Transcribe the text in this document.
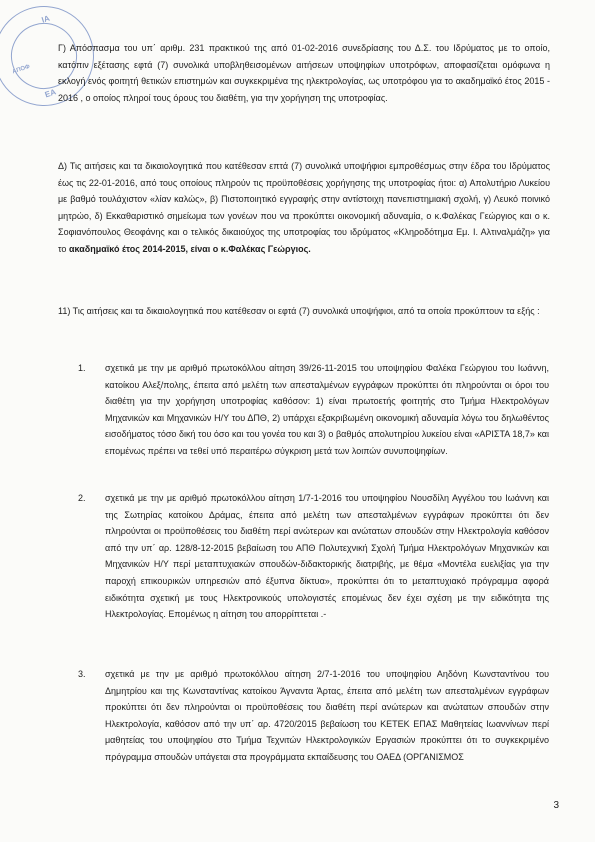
ΙΑ
ΑΠΟΦ
ΕΑ
Γ) Απόσπασμα του υπ΄ αριθμ. 231 πρακτικού της από 01-02-2016 συνεδρίασης του Δ.Σ. του Ιδρύματος με το οποίο, κατόπιν εξέτασης εφτά (7) συνολικά υποβληθεισομένων αιτήσεων υποψηφίων υποτρόφων, αποφασίζεται ομόφωνα η εκλογή ενός φοιτητή θετικών επιστημών και συγκεκριμένα της ηλεκτρολογίας, ως υποτρόφου για το ακαδημαϊκό έτος 2015 - 2016 , ο οποίος πληροί τους όρους του διαθέτη, για την χορήγηση της υποτροφίας.
Δ) Τις αιτήσεις και τα δικαιολογητικά που κατέθεσαν επτά (7) συνολικά υποψήφιοι εμπροθέσμως στην έδρα του Ιδρύματος έως τις 22-01-2016, από τους οποίους πληρούν τις προϋποθέσεις χορήγησης της υποτροφίας ήτοι: α) Απολυτήριο Λυκείου με βαθμό τουλάχιστον «λίαν καλώς», β) Πιστοποιητικό εγγραφής στην αντίστοιχη πανεπιστημιακή σχολή, γ) Λευκό ποινικό μητρώο, δ) Εκκαθαριστικό σημείωμα των γονέων που να προκύπτει οικονομική αδυναμία, ο κ.Φαλέκας Γεώργιος και ο κ. Σοφιανόπουλος Θεοφάνης και ο τελικός δικαιούχος της υποτροφίας του ιδρύματος «Κληροδότημα Εμ. Ι. Αλτιναλμάζη» για το ακαδημαϊκό έτος 2014-2015, είναι ο κ.Φαλέκας Γεώργιος.
11) Τις αιτήσεις και τα δικαιολογητικά που κατέθεσαν οι εφτά (7) συνολικά υποψήφιοι, από τα οποία προκύπτουν τα εξής :
1. σχετικά με την με αριθμό πρωτοκόλλου αίτηση 39/26-11-2015 του υποψηφίου Φαλέκα Γεώργιου του Ιωάννη, κατοίκου Αλεξ/πολης, έπειτα από μελέτη των απεσταλμένων εγγράφων προκύπτει ότι πληρούνται οι όροι του διαθέτη για την χορήγηση υποτροφίας καθόσον: 1) είναι πρωτοετής φοιτητής στο Τμήμα Ηλεκτρολόγων Μηχανικών και Μηχανικών Η/Υ του ΔΠΘ, 2) υπάρχει εξακριβωμένη οικονομική αδυναμία λόγω του δηλωθέντος εισοδήματος τόσο δική του όσο και του γονέα του και 3) ο βαθμός απολυτηρίου λυκείου είναι «ΑΡΙΣΤΑ 18,7» και επομένως πρέπει να τεθεί υπό περαιτέρω σύγκριση μετά των λοιπών συνυποψηφίων.
2. σχετικά με την με αριθμό πρωτοκόλλου αίτηση 1/7-1-2016 του υποψηφίου Νουσδίλη Αγγέλου του Ιωάννη και της Σωτηρίας κατοίκου Δράμας, έπειτα από μελέτη των απεσταλμένων εγγράφων προκύπτει ότι δεν πληρούνται οι προϋποθέσεις του διαθέτη περί ανώτερων και ανώτατων σπουδών στην Ηλεκτρολογία καθόσον από την υπ΄ αρ. 128/8-12-2015 βεβαίωση του ΑΠΘ Πολυτεχνική Σχολή Τμήμα Ηλεκτρολόγων Μηχανικών και Μηχανικών Η/Υ περί μεταπτυχιακών σπουδών-διδακτορικής διατριβής, με θέμα «Μοντέλα ευελιξίας για την παροχή επικουρικών υπηρεσιών από έξυπνα δίκτυα», προκύπτει ότι το μεταπτυχιακό πρόγραμμα αφορά ειδικότητα σχετική με τους Ηλεκτρονικούς υπολογιστές επομένως δεν έχει σχέση με την ειδικότητα της Ηλεκτρολογίας. Επομένως η αίτηση του απορρίπτεται .-
3. σχετικά με την με αριθμό πρωτοκόλλου αίτηση 2/7-1-2016 του υποψηφίου Αηδόνη Κωνσταντίνου του Δημητρίου και της Κωνσταντίνας κατοίκου Άγναντα Άρτας, έπειτα από μελέτη των απεσταλμένων εγγράφων προκύπτει ότι δεν πληρούνται οι προϋποθέσεις του διαθέτη περί ανώτερων και ανώτατων σπουδών στην Ηλεκτρολογία, καθόσον από την υπ΄ αρ. 4720/2015 βεβαίωση του ΚΕΤΕΚ ΕΠΑΣ Μαθητείας Ιωαννίνων περί μαθητείας του υποψηφίου στο Τμήμα Τεχνιτών Ηλεκτρολογικών Εργασιών προκύπτει ότι το συγκεκριμένο πρόγραμμα σπουδών υπάγεται στα προγράμματα εκπαίδευσης του ΟΑΕΔ (ΟΡΓΑΝΙΣΜΟΣ
3
